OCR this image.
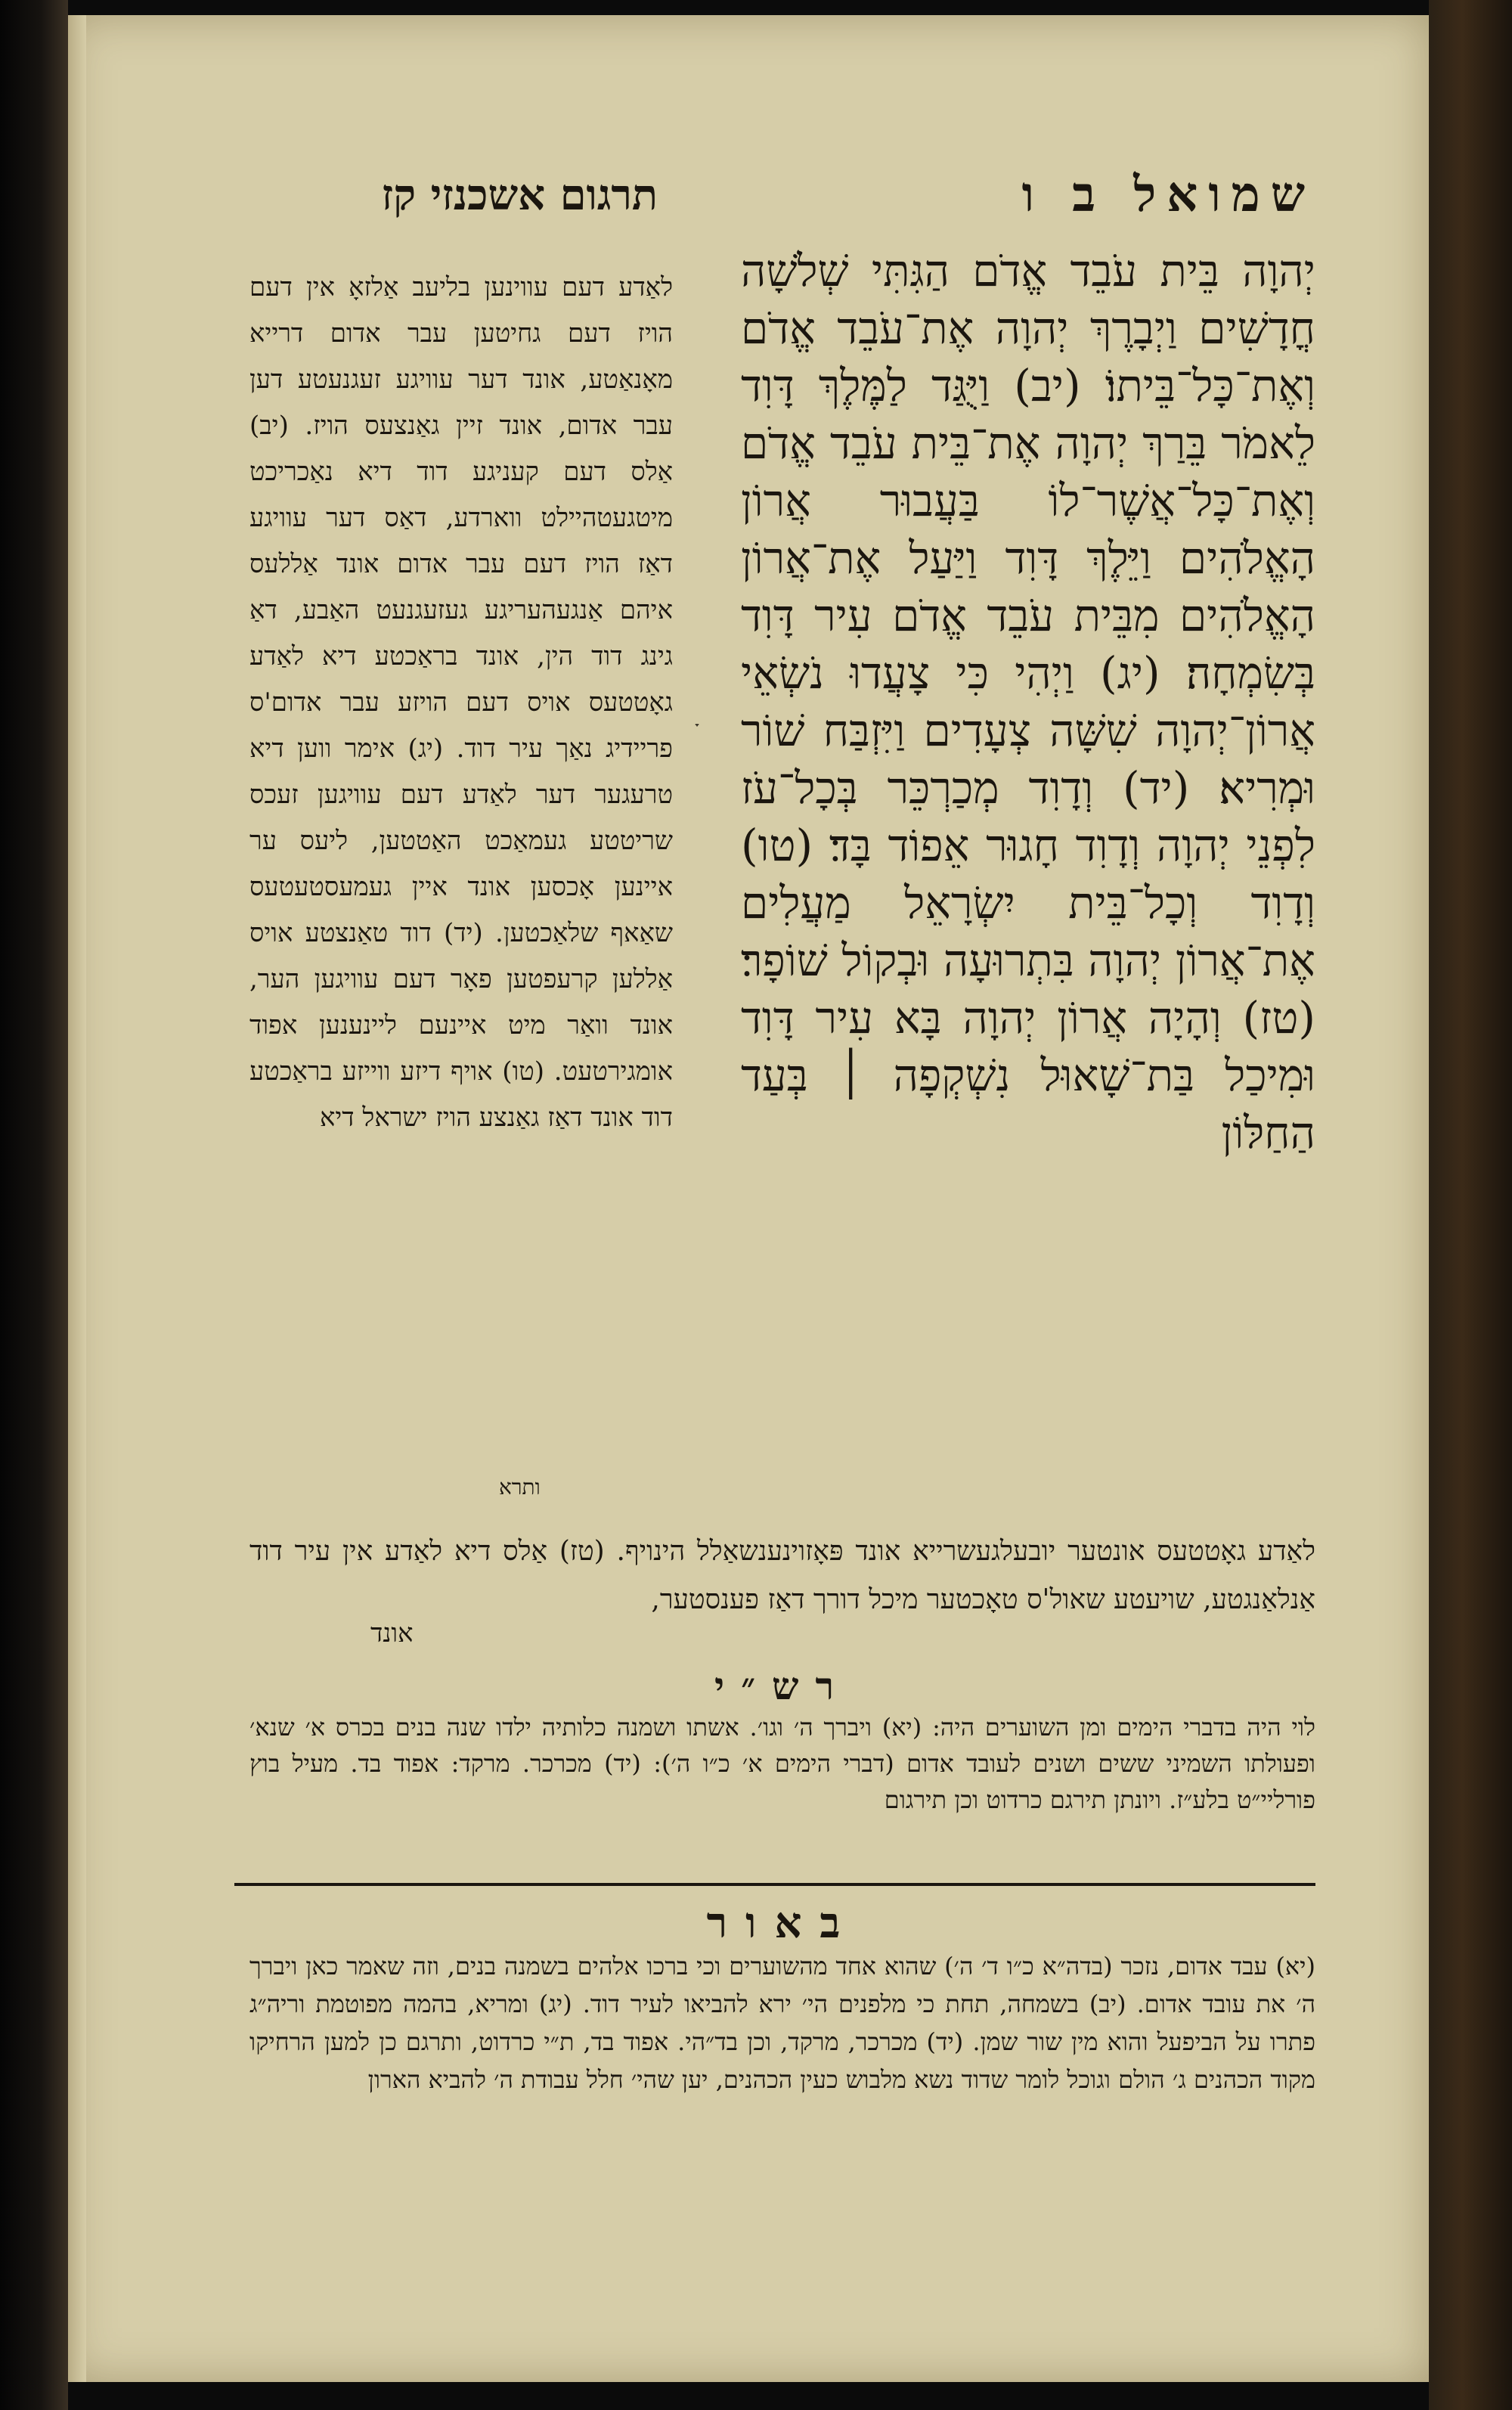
שמואל ב ו
תרגום אשכנזי קז
יְהוָה בֵּית עֹבֵד אֱדֹם הַגִּתִּי שְׁלֹשָׁה חֳדָשִׁים וַיְבָרֶךְ יְהוָה אֶת־עֹבֵד אֱדֹם וְאֶת־כָּל־בֵּיתוֹ׃ (יב) וַיֻּגַּד לַמֶּלֶךְ דָּוִד לֵאמֹר בֵּרַךְ יְהוָה אֶת־בֵּית עֹבֵד אֱדֹם וְאֶת־כָּל־אֲשֶׁר־לוֹ בַּעֲבוּר אֲרוֹן הָאֱלֹהִים וַיֵּלֶךְ דָּוִד וַיַּעַל אֶת־אֲרוֹן הָאֱלֹהִים מִבֵּית עֹבֵד אֱדֹם עִיר דָּוִד בְּשִׂמְחָה׃ (יג) וַיְהִי כִּי צָעֲדוּ נֹשְׂאֵי אֲרוֹן־יְהוָה שִׁשָּׁה צְעָדִים וַיִּזְבַּח שׁוֹר וּמְרִיא׃ (יד) וְדָוִד מְכַרְכֵּר בְּכָל־עֹז לִפְנֵי יְהוָה וְדָוִד חָגוּר אֵפוֹד בָּד׃ (טו) וְדָוִד וְכָל־בֵּית יִשְׂרָאֵל מַעֲלִים אֶת־אֲרוֹן יְהוָה בִּתְרוּעָה וּבְקוֹל שׁוֹפָר׃ (טז) וְהָיָה אֲרוֹן יְהוָה בָּא עִיר דָּוִד וּמִיכַל בַּת־שָׁאוּל נִשְׁקְפָה ׀ בְּעַד הַחַלּוֹן
ותרא
לאַדע דעם עווינען בליעב אַלזאָ אין דעם הויז דעם גחיטען עבר אדום דרייא מאָנאַטע, אונד דער עוויגע זעגנעטע דען עבר אדום, אונד זיין גאַנצעס הויז. (יב) אַלס דעם קעניגע דוד דיא נאַכריכט מיטגעטהיילט ווארדע, דאַס דער עוויגע דאַז הויז דעם עבר אדום אונד אַללעס איהם אַנגעהעריגע געזעגנעט האַבע, דאַ גינג דוד הין, אונד בראַכטע דיא לאַדע גאָטטעס אויס דעם הויזע עבר אדום'ס פריידיג נאַך עיר דוד. (יג) אימר ווען דיא טרעגער דער לאַדע דעם עוויגען זעכס שריטטע געמאַכט האַטטען, ליעס ער איינען אָכסען אונד איין געמעסטעטעס שאַאף שלאַכטען. (יד) דוד טאַנצטע אויס אַללען קרעפטען פאָר דעם עוויגען הער, אונד וואַר מיט איינעם ליינענען אפוד אומגירטעט. (טו) אויף דיזע ווייזע בראַכטע דוד אונד דאַז גאַנצע הויז ישראל דיא
לאַדע גאָטטעס אונטער יובעלגעשרייא אונד פּאָזוינענשאַלל הינויף. (טז) אַלס דיא לאַדע אין עיר דוד אַנלאַנגטע, שויעטע שאול'ס טאָכטער מיכל דורך דאַז פענסטער,
אונד
רש״י
לוי היה בדברי הימים ומן השוערים היה: (יא) ויברך ה׳ וגו׳. אשתו ושמנה כלותיה ילדו שנה בנים בכרס א׳ שנא׳ ופעולתו השמיני ששים ושנים לעובד אדום (דברי הימים א׳ כ״ו ה׳): (יד) מכרכר. מרקד: אפוד בד. מעיל בוץ פורליי״ט בלע״ז. ויונתן תירגם כרדוט וכן תירגום
באור
(יא) עבד אדום, נזכר (בדה״א כ״ו ד׳ ה׳) שהוא אחד מהשוערים וכי ברכו אלהים בשמנה בנים, וזה שאמר כאן ויברך ה׳ את עובד אדום. (יב) בשמחה, תחת כי מלפנים הי׳ ירא להביאו לעיר דוד. (יג) ומריא, בהמה מפוטמת וריה״ג פתרו על הביפעל והוא מין שור שמן. (יד) מכרכר, מרקד, וכן בד״הי. אפוד בד, ת״י כרדוט, ותרגם כן למען הרחיקו מקוד הכהנים ג׳ הולם וגוכל לומר שדוד נשא מלבוש כעין הכהנים, יען שהי׳ חלל עבודת ה׳ להביא הארון
